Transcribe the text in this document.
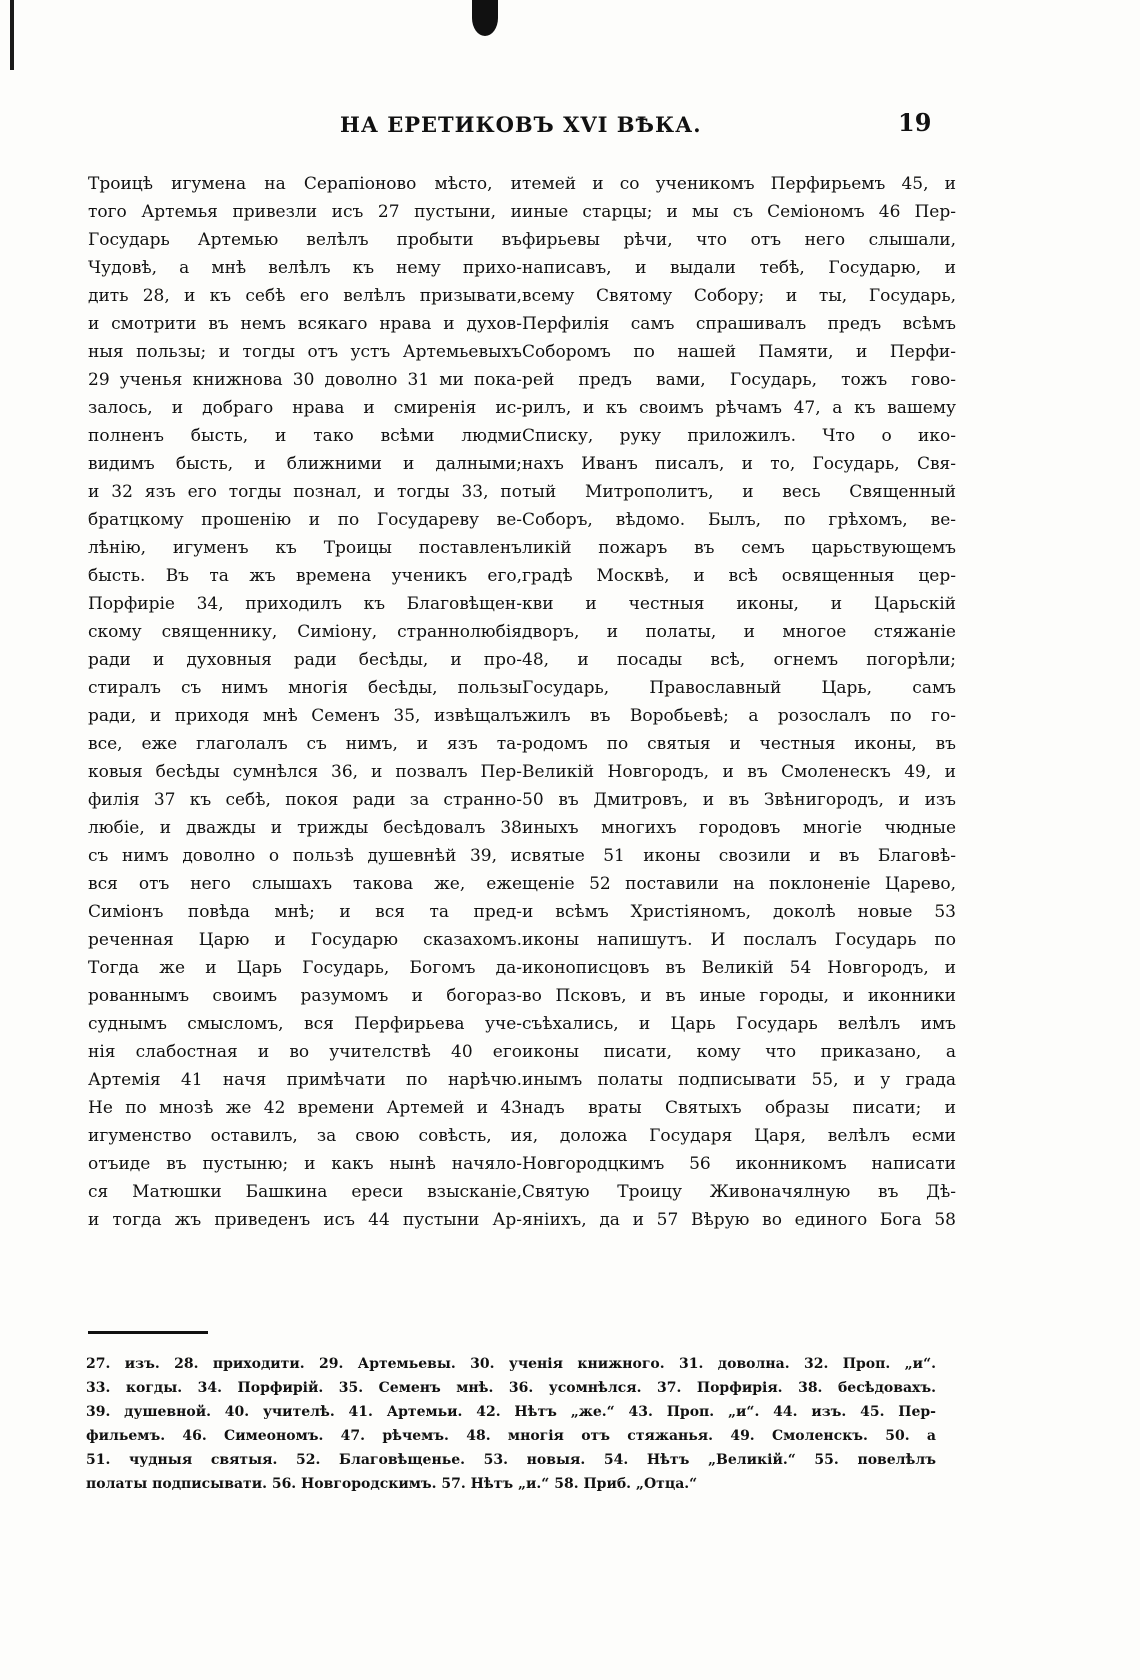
НА ЕРЕТИКОВЪ XVI ВѢКА.	19
Троицѣ игумена на Серапіоново мѣсто, и
того Артемья привезли исъ 27 пустыни, и
Государь Артемью велѣлъ пробыти въ
Чудовѣ, а мнѣ велѣлъ къ нему прихо-
дить 28, и къ себѣ его велѣлъ призывати,
и смотрити въ немъ всякаго нрава и духов-
ныя пользы; и тогды отъ устъ Артемьевыхъ
29 ученья книжнова 30 доволно 31 ми пока-
залось, и добраго нрава и смиренія ис-
полненъ бысть, и тако всѣми людми
видимъ бысть, и ближними и далными;
и 32 язъ его тогды познал, и тогды 33, по
братцкому прошенію и по Государеву ве-
лѣнію, игуменъ къ Троицы поставленъ
бысть. Въ та жъ времена ученикъ его,
Порфиріе 34, приходилъ къ Благовѣщен-
скому священнику, Симіону, страннолюбія
ради и духовныя ради бесѣды, и про-
стиралъ съ нимъ многія бесѣды, пользы
ради, и приходя мнѣ Семенъ 35, извѣщалъ
все, еже глаголалъ съ нимъ, и язъ та-
ковыя бесѣды сумнѣлся 36, и позвалъ Пер-
филія 37 къ себѣ, покоя ради за странно-
любіе, и дважды и трижды бесѣдовалъ 38
съ нимъ доволно о пользѣ душевнѣй 39, и
вся отъ него слышахъ такова же, еже
Симіонъ повѣда мнѣ; и вся та пред-
реченная Царю и Государю сказахомъ.
Тогда же и Царь Государь, Богомъ да-
рованнымъ своимъ разумомъ и богораз-
суднымъ смысломъ, вся Перфирьева уче-
нія слабостная и во учителствѣ 40 его
Артемія 41 начя примѣчати по нарѣчю.
Не по мнозѣ же 42 времени Артемей и 43
игуменство оставилъ, за свою совѣсть, и
отъиде въ пустыню; и какъ нынѣ начяло-
ся Матюшки Башкина ереси взысканіе,
и тогда жъ приведенъ исъ 44 пустыни Ар-
темей и со ученикомъ Перфирьемъ 45, и
иные старцы; и мы съ Семіономъ 46 Пер-
фирьевы рѣчи, что отъ него слышали,
написавъ, и выдали тебѣ, Государю, и
всему Святому Собору; и ты, Государь,
Перфилія самъ спрашивалъ предъ всѣмъ
Соборомъ по нашей Памяти, и Перфи-
рей предъ вами, Государь, тожъ гово-
рилъ, и къ своимъ рѣчамъ 47, а къ вашему
Списку, руку приложилъ. Что о ико-
нахъ Иванъ писалъ, и то, Государь, Свя-
тый Митрополитъ, и весь Священный
Соборъ, вѣдомо. Былъ, по грѣхомъ, ве-
ликій пожаръ въ семъ царьствующемъ
градѣ Москвѣ, и всѣ освященныя цер-
кви и честныя иконы, и Царьскій
дворъ, и полаты, и многое стяжаніе
48, и посады всѣ, огнемъ погорѣли;
Государь, Православный Царь, самъ
жилъ въ Воробьевѣ; а розослалъ по го-
родомъ по святыя и честныя иконы, въ
Великій Новгородъ, и въ Смоленескъ 49, и
50 въ Дмитровъ, и въ Звѣнигородъ, и изъ
иныхъ многихъ городовъ многіе чюдные
святые 51 иконы свозили и въ Благовѣ-
щеніе 52 поставили на поклоненіе Царево,
и всѣмъ Христіяномъ, доколѣ новые 53
иконы напишутъ. И послалъ Государь по
иконописцовъ въ Великій 54 Новгородъ, и
во Псковъ, и въ иные городы, и иконники
съѣхались, и Царь Государь велѣлъ имъ
иконы писати, кому что приказано, а
инымъ полаты подписывати 55, и у града
надъ враты Святыхъ образы писати; и
я, доложа Государя Царя, велѣлъ есми
Новгородцкимъ 56 иконникомъ написати
Святую Троицу Живоначялную въ Дѣ-
яніихъ, да и 57 Вѣрую во единого Бога 58
27. изъ. 28. приходити. 29. Артемьевы. 30. ученія книжного. 31. доволна. 32. Проп. „и“.
33. когды. 34. Порфирій. 35. Семенъ мнѣ. 36. усомнѣлся. 37. Порфирія. 38. бесѣдовахъ.
39. душевной. 40. учителѣ. 41. Артемьи. 42. Нѣтъ „же.“ 43. Проп. „и“. 44. изъ. 45. Пер-
фильемъ. 46. Симеономъ. 47. рѣчемъ. 48. многія отъ стяжанья. 49. Смоленскъ. 50. а
51. чудныя святыя. 52. Благовѣщенье. 53. новыя. 54. Нѣтъ „Великій.“ 55. повелѣлъ
полаты подписывати. 56. Новгородскимъ. 57. Нѣтъ „и.“ 58. Приб. „Отца.“
